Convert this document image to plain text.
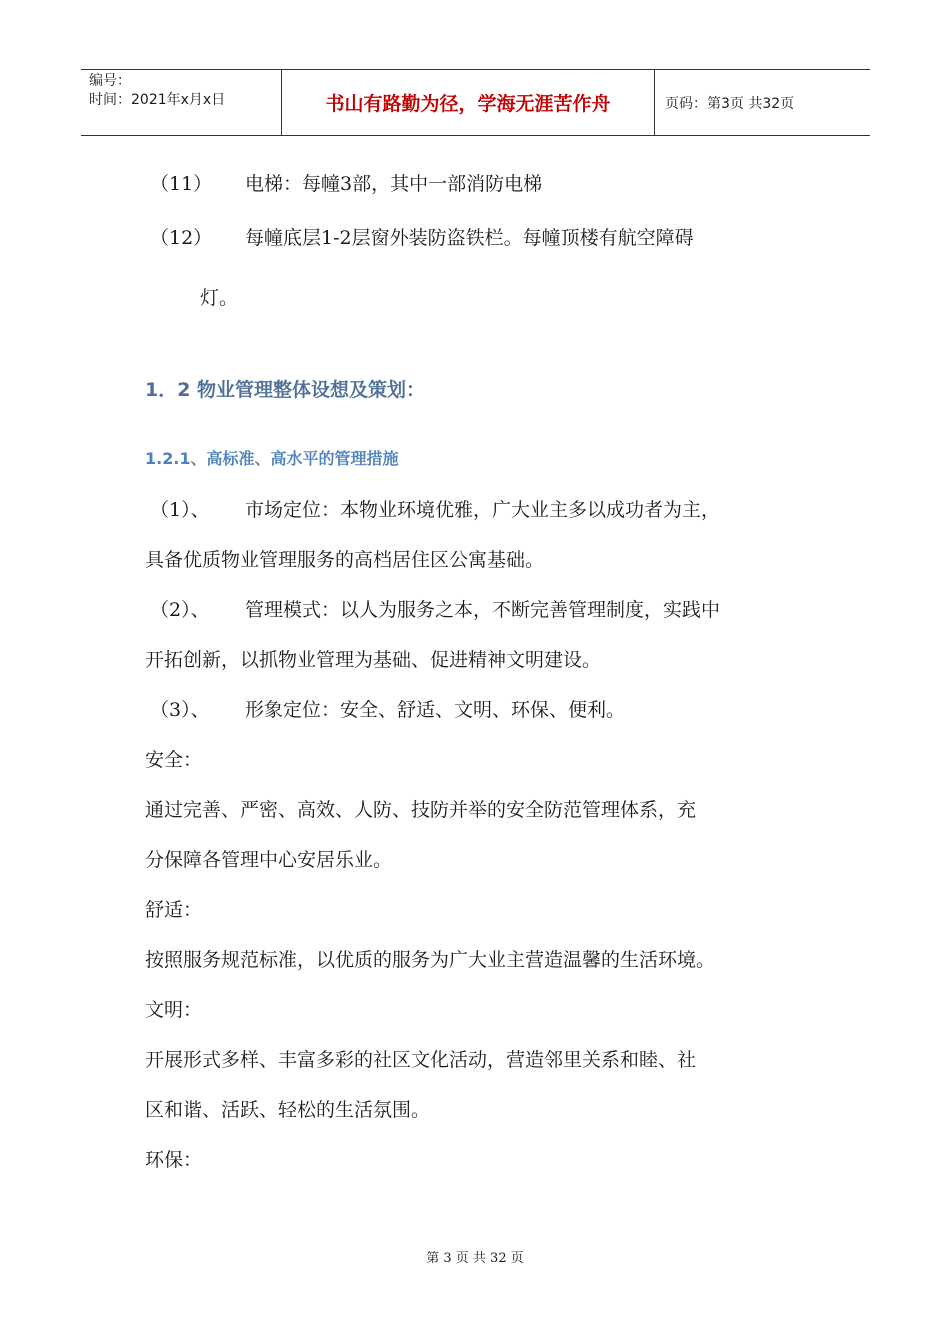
编号：
时间：2021年x月x日	书山有路勤为径，学海无涯苦作舟	页码：第3页 共32页
（11） 电梯：每幢3部，其中一部消防电梯
（12） 每幢底层1-2层窗外装防盗铁栏。每幢顶楼有航空障碍
灯。
1．2 物业管理整体设想及策划：
1.2.1、高标准、高水平的管理措施
（1）、 市场定位：本物业环境优雅，广大业主多以成功者为主，
具备优质物业管理服务的高档居住区公寓基础。
（2）、 管理模式：以人为服务之本，不断完善管理制度，实践中
开拓创新，以抓物业管理为基础、促进精神文明建设。
（3）、 形象定位：安全、舒适、文明、环保、便利。
安全：
通过完善、严密、高效、人防、技防并举的安全防范管理体系，充
分保障各管理中心安居乐业。
舒适：
按照服务规范标准，以优质的服务为广大业主营造温馨的生活环境。
文明：
开展形式多样、丰富多彩的社区文化活动，营造邻里关系和睦、社
区和谐、活跃、轻松的生活氛围。
环保：
第 3 页 共 32 页
